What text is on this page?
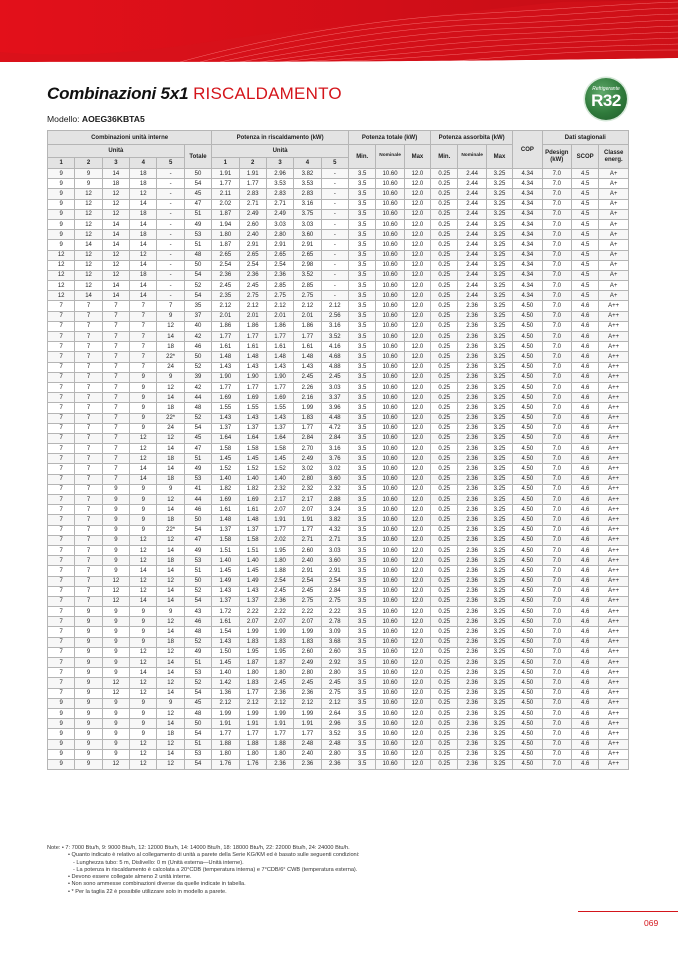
Combinazioni 5x1 RISCALDAMENTO	Refrigerante
R32
Modello: AOEG36KBTA5
Combinazioni unità interne						Potenza in riscaldamento (kW)					Potenza totale (kW)			Potenza assorbita (kW)			COP	Dati stagionali		
Unità					Totale	Unità					Min.	Nominale	Max	Min.	Nominale	Max		Pdesign (kW)	SCOP	Classe energ.
1	2	3	4	5		1	2	3	4	5										
9	9	14	18	-	50	1.91	1.91	2.96	3.82	-	3.5	10.60	12.0	0.25	2.44	3.25	4.34	7.0	4.5	A+
9	9	18	18	-	54	1.77	1.77	3.53	3.53	-	3.5	10.60	12.0	0.25	2.44	3.25	4.34	7.0	4.5	A+
9	12	12	12	-	45	2.11	2.83	2.83	2.83	-	3.5	10.60	12.0	0.25	2.44	3.25	4.34	7.0	4.5	A+
9	12	12	14	-	47	2.02	2.71	2.71	3.16	-	3.5	10.60	12.0	0.25	2.44	3.25	4.34	7.0	4.5	A+
9	12	12	18	-	51	1.87	2.49	2.49	3.75	-	3.5	10.60	12.0	0.25	2.44	3.25	4.34	7.0	4.5	A+
9	12	14	14	-	49	1.94	2.60	3.03	3.03	-	3.5	10.60	12.0	0.25	2.44	3.25	4.34	7.0	4.5	A+
9	12	14	18	-	53	1.80	2.40	2.80	3.60	-	3.5	10.60	12.0	0.25	2.44	3.25	4.34	7.0	4.5	A+
9	14	14	14	-	51	1.87	2.91	2.91	2.91	-	3.5	10.60	12.0	0.25	2.44	3.25	4.34	7.0	4.5	A+
12	12	12	12	-	48	2.65	2.65	2.65	2.65	-	3.5	10.60	12.0	0.25	2.44	3.25	4.34	7.0	4.5	A+
12	12	12	14	-	50	2.54	2.54	2.54	2.98	-	3.5	10.60	12.0	0.25	2.44	3.25	4.34	7.0	4.5	A+
12	12	12	18	-	54	2.36	2.36	2.36	3.52	-	3.5	10.60	12.0	0.25	2.44	3.25	4.34	7.0	4.5	A+
12	12	14	14	-	52	2.45	2.45	2.85	2.85	-	3.5	10.60	12.0	0.25	2.44	3.25	4.34	7.0	4.5	A+
12	14	14	14	-	54	2.35	2.75	2.75	2.75	-	3.5	10.60	12.0	0.25	2.44	3.25	4.34	7.0	4.5	A+
7	7	7	7	7	35	2.12	2.12	2.12	2.12	2.12	3.5	10.60	12.0	0.25	2.36	3.25	4.50	7.0	4.6	A++
7	7	7	7	9	37	2.01	2.01	2.01	2.01	2.56	3.5	10.60	12.0	0.25	2.36	3.25	4.50	7.0	4.6	A++
7	7	7	7	12	40	1.86	1.86	1.86	1.86	3.16	3.5	10.60	12.0	0.25	2.36	3.25	4.50	7.0	4.6	A++
7	7	7	7	14	42	1.77	1.77	1.77	1.77	3.52	3.5	10.60	12.0	0.25	2.36	3.25	4.50	7.0	4.6	A++
7	7	7	7	18	46	1.61	1.61	1.61	1.61	4.16	3.5	10.60	12.0	0.25	2.36	3.25	4.50	7.0	4.6	A++
7	7	7	7	22*	50	1.48	1.48	1.48	1.48	4.68	3.5	10.60	12.0	0.25	2.36	3.25	4.50	7.0	4.6	A++
7	7	7	7	24	52	1.43	1.43	1.43	1.43	4.88	3.5	10.60	12.0	0.25	2.36	3.25	4.50	7.0	4.6	A++
7	7	7	9	9	39	1.90	1.90	1.90	2.45	2.45	3.5	10.60	12.0	0.25	2.36	3.25	4.50	7.0	4.6	A++
7	7	7	9	12	42	1.77	1.77	1.77	2.26	3.03	3.5	10.60	12.0	0.25	2.36	3.25	4.50	7.0	4.6	A++
7	7	7	9	14	44	1.69	1.69	1.69	2.16	3.37	3.5	10.60	12.0	0.25	2.36	3.25	4.50	7.0	4.6	A++
7	7	7	9	18	48	1.55	1.55	1.55	1.99	3.96	3.5	10.60	12.0	0.25	2.36	3.25	4.50	7.0	4.6	A++
7	7	7	9	22*	52	1.43	1.43	1.43	1.83	4.48	3.5	10.60	12.0	0.25	2.36	3.25	4.50	7.0	4.6	A++
7	7	7	9	24	54	1.37	1.37	1.37	1.77	4.72	3.5	10.60	12.0	0.25	2.36	3.25	4.50	7.0	4.6	A++
7	7	7	12	12	45	1.64	1.64	1.64	2.84	2.84	3.5	10.60	12.0	0.25	2.36	3.25	4.50	7.0	4.6	A++
7	7	7	12	14	47	1.58	1.58	1.58	2.70	3.16	3.5	10.60	12.0	0.25	2.36	3.25	4.50	7.0	4.6	A++
7	7	7	12	18	51	1.45	1.45	1.45	2.49	3.76	3.5	10.60	12.0	0.25	2.36	3.25	4.50	7.0	4.6	A++
7	7	7	14	14	49	1.52	1.52	1.52	3.02	3.02	3.5	10.60	12.0	0.25	2.36	3.25	4.50	7.0	4.6	A++
7	7	7	14	18	53	1.40	1.40	1.40	2.80	3.60	3.5	10.60	12.0	0.25	2.36	3.25	4.50	7.0	4.6	A++
7	7	9	9	9	41	1.82	1.82	2.32	2.32	2.32	3.5	10.60	12.0	0.25	2.36	3.25	4.50	7.0	4.6	A++
7	7	9	9	12	44	1.69	1.69	2.17	2.17	2.88	3.5	10.60	12.0	0.25	2.36	3.25	4.50	7.0	4.6	A++
7	7	9	9	14	46	1.61	1.61	2.07	2.07	3.24	3.5	10.60	12.0	0.25	2.36	3.25	4.50	7.0	4.6	A++
7	7	9	9	18	50	1.48	1.48	1.91	1.91	3.82	3.5	10.60	12.0	0.25	2.36	3.25	4.50	7.0	4.6	A++
7	7	9	9	22*	54	1.37	1.37	1.77	1.77	4.32	3.5	10.60	12.0	0.25	2.36	3.25	4.50	7.0	4.6	A++
7	7	9	12	12	47	1.58	1.58	2.02	2.71	2.71	3.5	10.60	12.0	0.25	2.36	3.25	4.50	7.0	4.6	A++
7	7	9	12	14	49	1.51	1.51	1.95	2.60	3.03	3.5	10.60	12.0	0.25	2.36	3.25	4.50	7.0	4.6	A++
7	7	9	12	18	53	1.40	1.40	1.80	2.40	3.60	3.5	10.60	12.0	0.25	2.36	3.25	4.50	7.0	4.6	A++
7	7	9	14	14	51	1.45	1.45	1.88	2.91	2.91	3.5	10.60	12.0	0.25	2.36	3.25	4.50	7.0	4.6	A++
7	7	12	12	12	50	1.49	1.49	2.54	2.54	2.54	3.5	10.60	12.0	0.25	2.36	3.25	4.50	7.0	4.6	A++
7	7	12	12	14	52	1.43	1.43	2.45	2.45	2.84	3.5	10.60	12.0	0.25	2.36	3.25	4.50	7.0	4.6	A++
7	7	12	14	14	54	1.37	1.37	2.36	2.75	2.75	3.5	10.60	12.0	0.25	2.36	3.25	4.50	7.0	4.6	A++
7	9	9	9	9	43	1.72	2.22	2.22	2.22	2.22	3.5	10.60	12.0	0.25	2.36	3.25	4.50	7.0	4.6	A++
7	9	9	9	12	46	1.61	2.07	2.07	2.07	2.78	3.5	10.60	12.0	0.25	2.36	3.25	4.50	7.0	4.6	A++
7	9	9	9	14	48	1.54	1.99	1.99	1.99	3.09	3.5	10.60	12.0	0.25	2.36	3.25	4.50	7.0	4.6	A++
7	9	9	9	18	52	1.43	1.83	1.83	1.83	3.68	3.5	10.60	12.0	0.25	2.36	3.25	4.50	7.0	4.6	A++
7	9	9	12	12	49	1.50	1.95	1.95	2.60	2.60	3.5	10.60	12.0	0.25	2.36	3.25	4.50	7.0	4.6	A++
7	9	9	12	14	51	1.45	1.87	1.87	2.49	2.92	3.5	10.60	12.0	0.25	2.36	3.25	4.50	7.0	4.6	A++
7	9	9	14	14	53	1.40	1.80	1.80	2.80	2.80	3.5	10.60	12.0	0.25	2.36	3.25	4.50	7.0	4.6	A++
7	9	12	12	12	52	1.42	1.83	2.45	2.45	2.45	3.5	10.60	12.0	0.25	2.36	3.25	4.50	7.0	4.6	A++
7	9	12	12	14	54	1.36	1.77	2.36	2.36	2.75	3.5	10.60	12.0	0.25	2.36	3.25	4.50	7.0	4.6	A++
9	9	9	9	9	45	2.12	2.12	2.12	2.12	2.12	3.5	10.60	12.0	0.25	2.36	3.25	4.50	7.0	4.6	A++
9	9	9	9	12	48	1.99	1.99	1.99	1.99	2.64	3.5	10.60	12.0	0.25	2.36	3.25	4.50	7.0	4.6	A++
9	9	9	9	14	50	1.91	1.91	1.91	1.91	2.96	3.5	10.60	12.0	0.25	2.36	3.25	4.50	7.0	4.6	A++
9	9	9	9	18	54	1.77	1.77	1.77	1.77	3.52	3.5	10.60	12.0	0.25	2.36	3.25	4.50	7.0	4.6	A++
9	9	9	12	12	51	1.88	1.88	1.88	2.48	2.48	3.5	10.60	12.0	0.25	2.36	3.25	4.50	7.0	4.6	A++
9	9	9	12	14	53	1.80	1.80	1.80	2.40	2.80	3.5	10.60	12.0	0.25	2.36	3.25	4.50	7.0	4.6	A++
9	9	12	12	12	54	1.76	1.76	2.36	2.36	2.36	3.5	10.60	12.0	0.25	2.36	3.25	4.50	7.0	4.6	A++
Note: • 7: 7000 Btu/h, 9: 9000 Btu/h, 12: 12000 Btu/h, 14: 14000 Btu/h, 18: 18000 Btu/h, 22: 22000 Btu/h, 24: 24000 Btu/h.
• Quanto indicato è relativo al collegamento di unità a parete della Serie KG/KM ed è basato sulle seguenti condizioni:
- Lunghezza tubo: 5 m, Dislivello: 0 m (Unità esterna—Unità interne).
- La potenza in riscaldamento è calcolata a 20°CDB (temperatura interna) e 7°CDB/6° CWB (temperatura esterna).
• Devono essere collegate almeno 2 unità interne.
• Non sono ammesse combinazioni diverse da quelle indicate in tabella.
• * Per la taglia 22 è possibile utilizzare solo in modello a parete.
069
